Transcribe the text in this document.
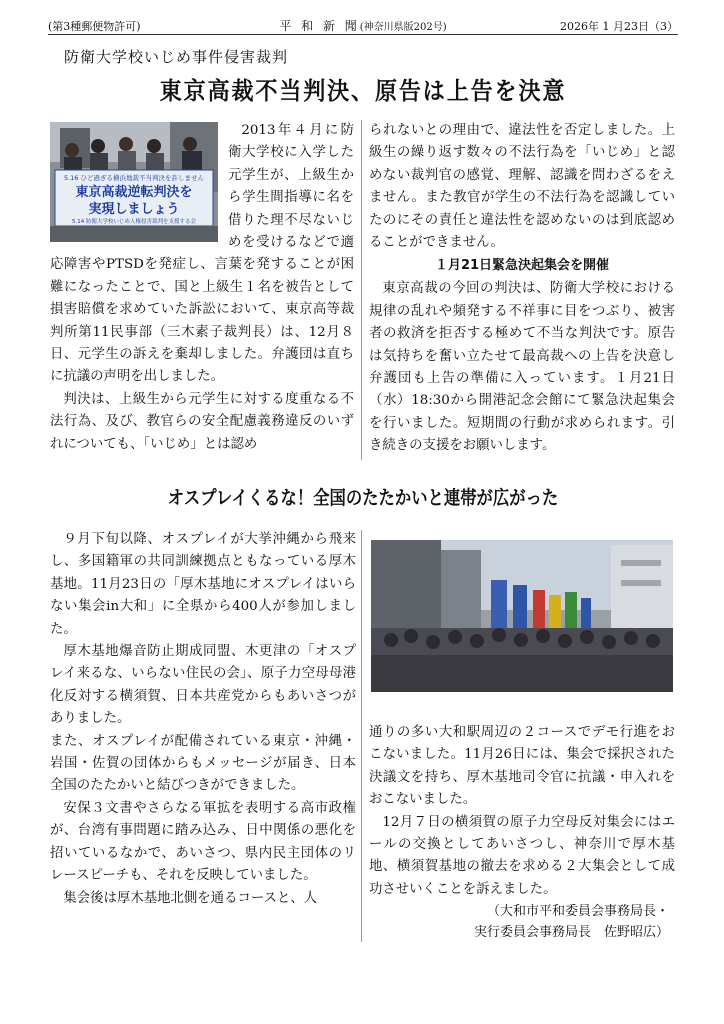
(第3種郵便物許可)	平 和 新 聞(神奈川県版202号)	2026年 1 月23日（3）
防衛大学校いじめ事件侵害裁判
東京高裁不当判決、原告は上告を決意
5.16 ひど過ぎる横浜地裁不当判決を許しません
東京高裁逆転判決を
実現しましょう
5.14 防衛大学校いじめ人権侵害裁判を支援する会

2013年４月に防衛大学校に入学した元学生が、上級生から学生間指導に名を借りた理不尽ないじめを受けるなどで適応障害やPTSDを発症し、言葉を発することが困難になったことで、国と上級生１名を被告として損害賠償を求めていた訴訟において、東京高等裁判所第11民事部（三木素子裁判長）は、12月８日、元学生の訴えを棄却しました。弁護団は直ちに抗議の声明を出しました。

判決は、上級生から元学生に対する度重なる不法行為、及び、教官らの安全配慮義務違反のいずれについても、「いじめ」とは認め

られないとの理由で、違法性を否定しました。上級生の繰り返す数々の不法行為を「いじめ」と認めない裁判官の感覚、理解、認識を問わざるをえません。また教官が学生の不法行為を認識していたのにその責任と違法性を認めないのは到底認めることができません。

１月21日緊急決起集会を開催

東京高裁の今回の判決は、防衛大学校における規律の乱れや頻発する不祥事に目をつぶり、被害者の救済を拒否する極めて不当な判決です。原告は気持ちを奮い立たせて最高裁への上告を決意し弁護団も上告の準備に入っています。１月21日（水）18:30から開港記念会館にて緊急決起集会を行いました。短期間の行動が求められます。引き続きの支援をお願いします。

オスプレイくるな！全国のたたかいと連帯が広がった

９月下旬以降、オスプレイが大挙沖縄から飛来し、多国籍軍の共同訓練拠点ともなっている厚木基地。11月23日の「厚木基地にオスプレイはいらない集会in大和」に全県から400人が参加しました。

厚木基地爆音防止期成同盟、木更津の「オスプレイ来るな、いらない住民の会」、原子力空母母港化反対する横須賀、日本共産党からもあいさつがありました。

また、オスプレイが配備されている東京・沖縄・岩国・佐賀の団体からもメッセージが届き、日本全国のたたかいと結びつきができました。

安保３文書やさらなる軍拡を表明する高市政権が、台湾有事問題に踏み込み、日中関係の悪化を招いているなかで、あいさつ、県内民主団体のリレースピーチも、それを反映していました。

集会後は厚木基地北側を通るコースと、人

通りの多い大和駅周辺の２コースでデモ行進をおこないました。11月26日には、集会で採択された決議文を持ち、厚木基地司令官に抗議・申入れをおこないました。

12月７日の横須賀の原子力空母反対集会にはエールの交換としてあいさつし、神奈川で厚木基地、横須賀基地の撤去を求める２大集会として成功させいくことを訴えました。

（大和市平和委員会事務局長・
実行委員会事務局長　佐野昭広）
